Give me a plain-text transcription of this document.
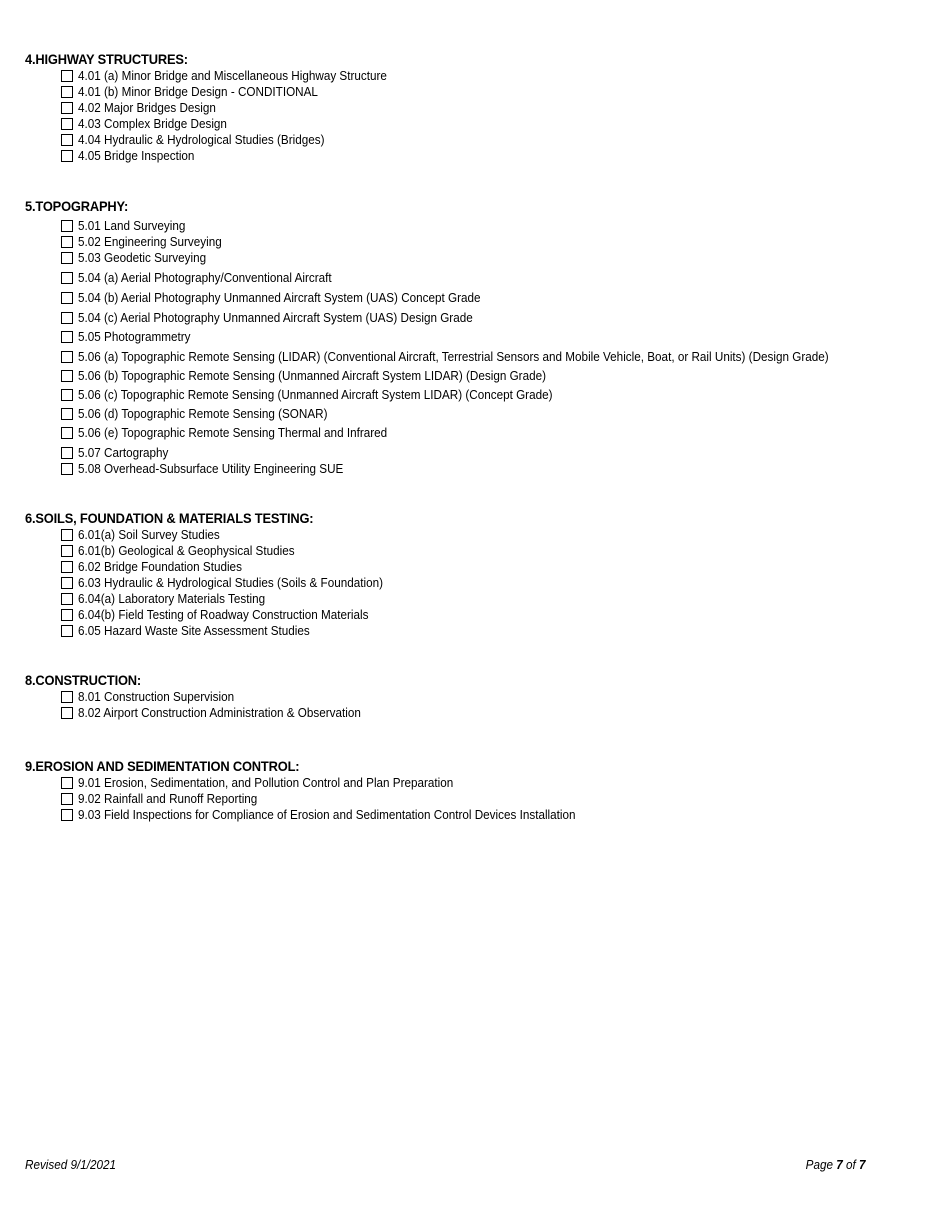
4.HIGHWAY STRUCTURES:
4.01 (a) Minor Bridge and Miscellaneous Highway Structure
4.01 (b) Minor Bridge Design - CONDITIONAL
4.02 Major Bridges Design
4.03 Complex Bridge Design
4.04 Hydraulic & Hydrological Studies (Bridges)
4.05 Bridge Inspection
5.TOPOGRAPHY:
5.01 Land Surveying
5.02 Engineering Surveying
5.03 Geodetic Surveying
5.04 (a) Aerial Photography/Conventional Aircraft
5.04 (b) Aerial Photography Unmanned Aircraft System (UAS) Concept Grade
5.04 (c) Aerial Photography Unmanned Aircraft System (UAS) Design Grade
5.05 Photogrammetry
5.06 (a) Topographic Remote Sensing (LIDAR) (Conventional Aircraft, Terrestrial Sensors and Mobile Vehicle, Boat, or Rail Units) (Design Grade)
5.06 (b) Topographic Remote Sensing (Unmanned Aircraft System LIDAR) (Design Grade)
5.06 (c) Topographic Remote Sensing (Unmanned Aircraft System LIDAR) (Concept Grade)
5.06 (d) Topographic Remote Sensing (SONAR)
5.06 (e) Topographic Remote Sensing Thermal and Infrared
5.07 Cartography
5.08 Overhead-Subsurface Utility Engineering SUE
6.SOILS, FOUNDATION & MATERIALS TESTING:
6.01(a) Soil Survey Studies
6.01(b) Geological & Geophysical Studies
6.02 Bridge Foundation Studies
6.03 Hydraulic & Hydrological Studies (Soils & Foundation)
6.04(a) Laboratory Materials Testing
6.04(b) Field Testing of Roadway Construction Materials
6.05 Hazard Waste Site Assessment Studies
8.CONSTRUCTION:
8.01 Construction Supervision
8.02 Airport Construction Administration & Observation
9.EROSION AND SEDIMENTATION CONTROL:
9.01 Erosion, Sedimentation, and Pollution Control and Plan Preparation
9.02 Rainfall and Runoff Reporting
9.03 Field Inspections for Compliance of Erosion and Sedimentation Control Devices Installation
Revised 9/1/2021	Page 7 of 7
